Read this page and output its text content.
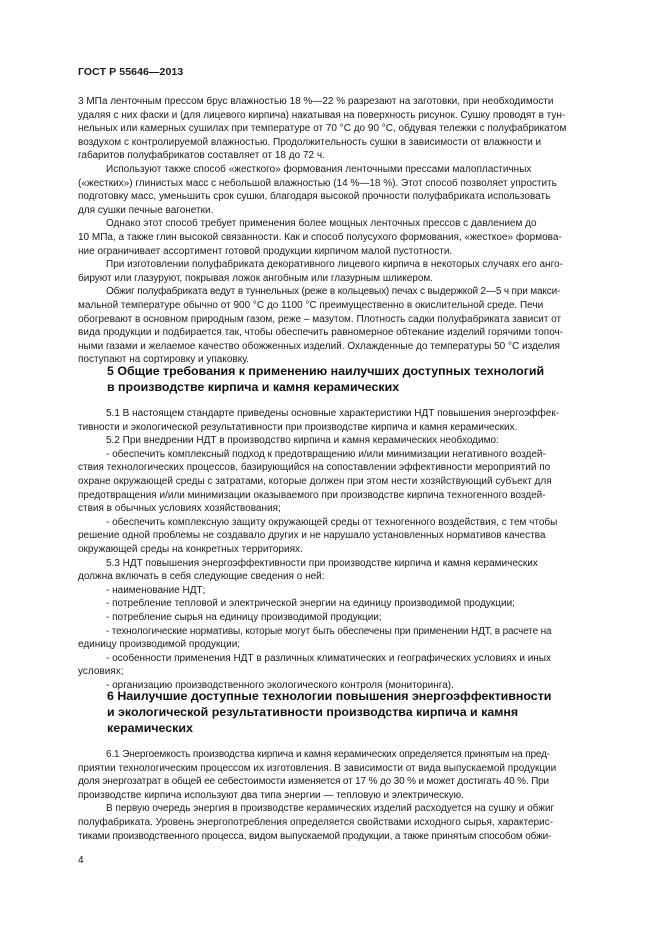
ГОСТ Р 55646—2013

3 МПа ленточным прессом брус влажностью 18 %—22 % разрезают на заготовки, при необходимости

удаляя с них фаски и (для лицевого кирпича) накатывая на поверхность рисунок. Сушку проводят в тун-

нельных или камерных сушилах при температуре от 70 °С до 90 °С, обдувая тележки с полуфабрикатом

воздухом с контролируемой влажностью. Продолжительность сушки в зависимости от влажности и

габаритов полуфабрикатов составляет от 18 до 72 ч.

Используют также способ «жесткого» формования ленточными прессами малопластичных

(«жестких») глинистых масс с небольшой влажностью (14 %—18 %). Этот способ позволяет упростить

подготовку масс, уменьшить срок сушки, благодаря высокой прочности полуфабриката использовать

для сушки печные вагонетки.

Однако этот способ требует применения более мощных ленточных прессов с давлением до

10 МПа, а также глин высокой связанности. Как и способ полусухого формования, «жесткое» формова-

ние ограничивает ассортимент готовой продукции кирпичом малой пустотности.

При изготовлении полуфабриката декоративного лицевого кирпича в некоторых случаях его анго-

бируют или глазуруют, покрывая ложок ангобным или глазурным шликером.

Обжиг полуфабриката ведут в туннельных (реже в кольцевых) печах с выдержкой 2—5 ч при макси-

мальной температуре обычно от 900 °С до 1100 °С преимущественно в окислительной среде. Печи

обогревают в основном природным газом, реже – мазутом. Плотность садки полуфабриката зависит от

вида продукции и подбирается так, чтобы обеспечить равномерное обтекание изделий горячими топоч-

ными газами и желаемое качество обожженных изделий. Охлажденные до температуры 50 °С изделия

поступают на сортировку и упаковку.

5 Общие требования к применению наилучших доступных технологий
в производстве кирпича и камня керамических

5.1 В настоящем стандарте приведены основные характеристики НДТ повышения энергоэффек-

тивности и экологической результативности при производстве кирпича и камня керамических.

5.2 При внедрении НДТ в производство кирпича и камня керамических необходимо:

- обеспечить комплексный подход к предотвращению и/или минимизации негативного воздей-

ствия технологических процессов, базирующийся на сопоставлении эффективности мероприятий по

охране окружающей среды с затратами, которые должен при этом нести хозяйствующий субъект для

предотвращения и/или минимизации оказываемого при производстве кирпича техногенного воздей-

ствия в обычных условиях хозяйствования;

- обеспечить комплексную защиту окружающей среды от техногенного воздействия, с тем чтобы

решение одной проблемы не создавало других и не нарушало установленных нормативов качества

окружающей среды на конкретных территориях.

5.3 НДТ повышения энергоэффективности при производстве кирпича и камня керамических

должна включать в себя следующие сведения о ней:

- наименование НДТ;

- потребление тепловой и электрической энергии на единицу производимой продукции;

- потребление сырья на единицу производимой продукции;

- технологические нормативы, которые могут быть обеспечены при применении НДТ, в расчете на

единицу производимой продукции;

- особенности применения НДТ в различных климатических и географических условиях и иных

условиях;

- организацию производственного экологического контроля (мониторинга).

6 Наилучшие доступные технологии повышения энергоэффективности
и экологической результативности производства кирпича и камня
керамических

6.1 Энергоемкость производства кирпича и камня керамических определяется принятым на пред-

приятии технологическим процессом их изготовления. В зависимости от вида выпускаемой продукции

доля энергозатрат в общей ее себестоимости изменяется от 17 % до 30 % и может достигать 40 %. При

производстве кирпича используют два типа энергии — тепловую и электрическую.

В первую очередь энергия в производстве керамических изделий расходуется на сушку и обжиг

полуфабриката. Уровень энергопотребления определяется свойствами исходного сырья, характерис-

тиками производственного процесса, видом выпускаемой продукции, а также принятым способом обжи-

4
